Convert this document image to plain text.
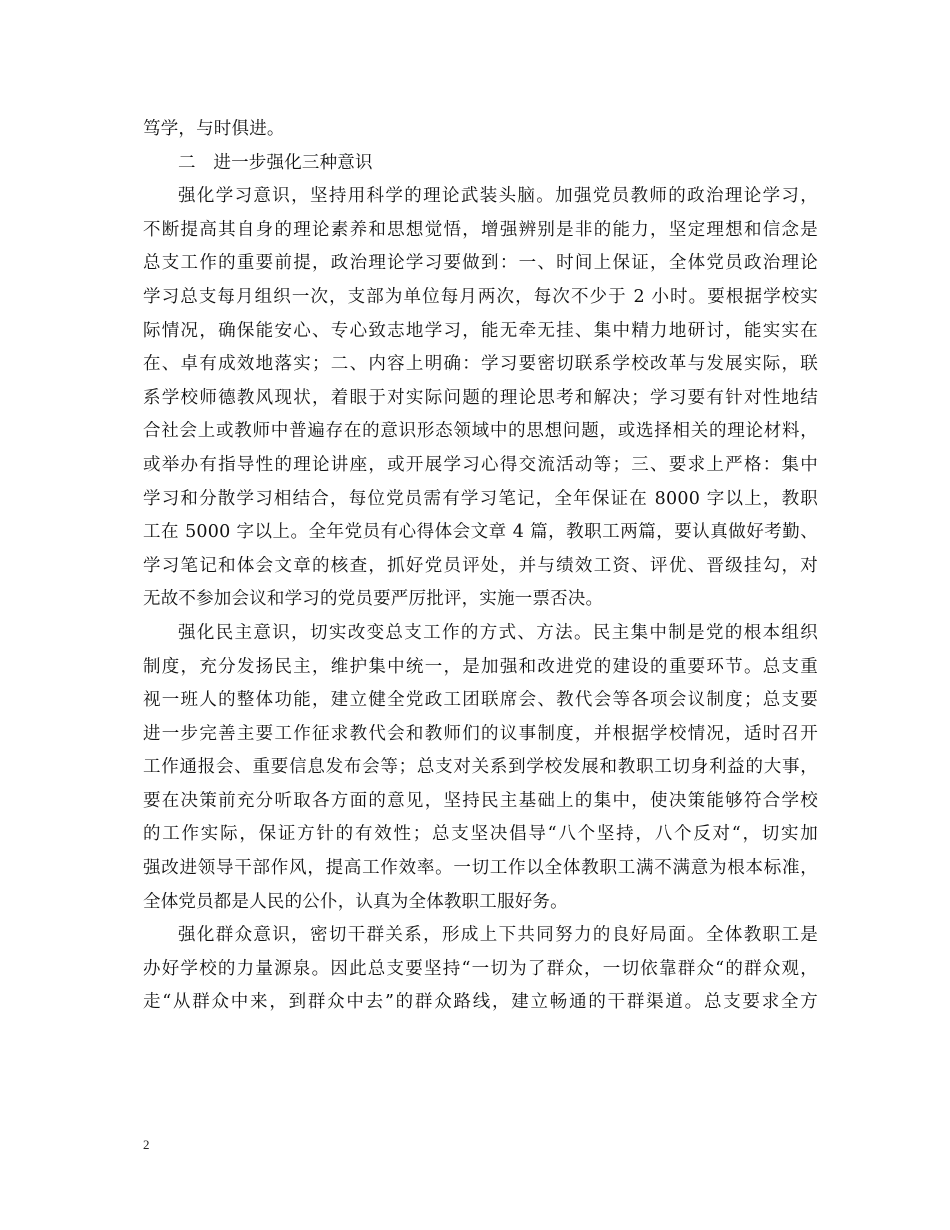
笃学，与时俱进。
二　进一步强化三种意识
强化学习意识，坚持用科学的理论武装头脑。加强党员教师的政治理论学习，
不断提高其自身的理论素养和思想觉悟，增强辨别是非的能力，坚定理想和信念是
总支工作的重要前提，政治理论学习要做到：一、时间上保证，全体党员政治理论
学习总支每月组织一次，支部为单位每月两次，每次不少于 2 小时。要根据学校实
际情况，确保能安心、专心致志地学习，能无牵无挂、集中精力地研讨，能实实在
在、卓有成效地落实；二、内容上明确：学习要密切联系学校改革与发展实际，联
系学校师德教风现状，着眼于对实际问题的理论思考和解决；学习要有针对性地结
合社会上或教师中普遍存在的意识形态领域中的思想问题，或选择相关的理论材料，
或举办有指导性的理论讲座，或开展学习心得交流活动等；三、要求上严格：集中
学习和分散学习相结合，每位党员需有学习笔记，全年保证在 8000 字以上，教职
工在 5000 字以上。全年党员有心得体会文章 4 篇，教职工两篇，要认真做好考勤、
学习笔记和体会文章的核查，抓好党员评处，并与绩效工资、评优、晋级挂勾，对
无故不参加会议和学习的党员要严厉批评，实施一票否决。
强化民主意识，切实改变总支工作的方式、方法。民主集中制是党的根本组织
制度，充分发扬民主，维护集中统一，是加强和改进党的建设的重要环节。总支重
视一班人的整体功能，建立健全党政工团联席会、教代会等各项会议制度；总支要
进一步完善主要工作征求教代会和教师们的议事制度，并根据学校情况，适时召开
工作通报会、重要信息发布会等；总支对关系到学校发展和教职工切身利益的大事，
要在决策前充分听取各方面的意见，坚持民主基础上的集中，使决策能够符合学校
的工作实际，保证方针的有效性；总支坚决倡导“八个坚持，八个反对“，切实加
强改进领导干部作风，提高工作效率。一切工作以全体教职工满不满意为根本标准，
全体党员都是人民的公仆，认真为全体教职工服好务。
强化群众意识，密切干群关系，形成上下共同努力的良好局面。全体教职工是
办好学校的力量源泉。因此总支要坚持“一切为了群众，一切依靠群众“的群众观，
走“从群众中来，到群众中去”的群众路线，建立畅通的干群渠道。总支要求全方
2
